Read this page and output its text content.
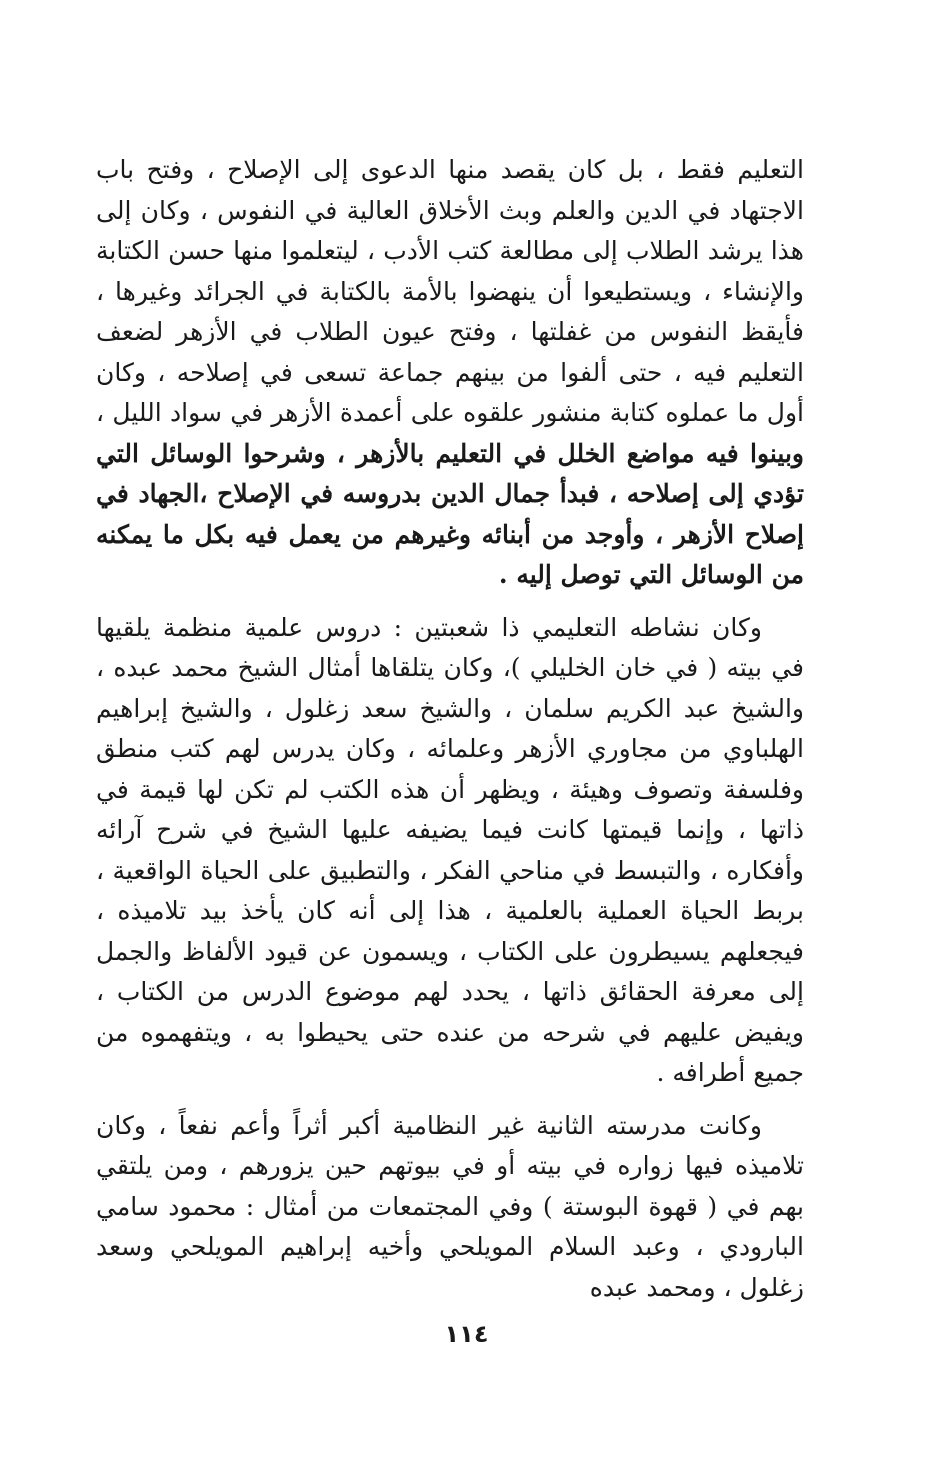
التعليم فقط ، بل كان يقصد منها الدعوى إلى الإصلاح ، وفتح باب الاجتهاد في الدين والعلم وبث الأخلاق العالية في النفوس ، وكان إلى هذا يرشد الطلاب إلى مطالعة كتب الأدب ، ليتعلموا منها حسن الكتابة والإنشاء ، ويستطيعوا أن ينهضوا بالأمة بالكتابة في الجرائد وغيرها ، فأيقظ النفوس من غفلتها ، وفتح عيون الطلاب في الأزهر لضعف التعليم فيه ، حتى ألفوا من بينهم جماعة تسعى في إصلاحه ، وكان أول ما عملوه كتابة منشور علقوه على أعمدة الأزهر في سواد الليل ، وبينوا فيه مواضع الخلل في التعليم بالأزهر ، وشرحوا الوسائل التي تؤدي إلى إصلاحه ، فبدأ جمال الدين بدروسه في الإصلاح ،الجهاد في إصلاح الأزهر ، وأوجد من أبنائه وغيرهم من يعمل فيه بكل ما يمكنه من الوسائل التي توصل إليه .

وكان نشاطه التعليمي ذا شعبتين : دروس علمية منظمة يلقيها في بيته ( في خان الخليلي )، وكان يتلقاها أمثال الشيخ محمد عبده ، والشيخ عبد الكريم سلمان ، والشيخ سعد زغلول ، والشيخ إبراهيم الهلباوي من مجاوري الأزهر وعلمائه ، وكان يدرس لهم كتب منطق وفلسفة وتصوف وهيئة ، ويظهر أن هذه الكتب لم تكن لها قيمة في ذاتها ، وإنما قيمتها كانت فيما يضيفه عليها الشيخ في شرح آرائه وأفكاره ، والتبسط في مناحي الفكر ، والتطبيق على الحياة الواقعية ، بربط الحياة العملية بالعلمية ، هذا إلى أنه كان يأخذ بيد تلاميذه ، فيجعلهم يسيطرون على الكتاب ، ويسمون عن قيود الألفاظ والجمل إلى معرفة الحقائق ذاتها ، يحدد لهم موضوع الدرس من الكتاب ، ويفيض عليهم في شرحه من عنده حتى يحيطوا به ، ويتفهموه من جميع أطرافه .

وكانت مدرسته الثانية غير النظامية أكبر أثراً وأعم نفعاً ، وكان تلاميذه فيها زواره في بيته أو في بيوتهم حين يزورهم ، ومن يلتقي بهم في ( قهوة البوستة ) وفي المجتمعات من أمثال : محمود سامي البارودي ، وعبد السلام المويلحي وأخيه إبراهيم المويلحي وسعد زغلول ، ومحمد عبده

١١٤
